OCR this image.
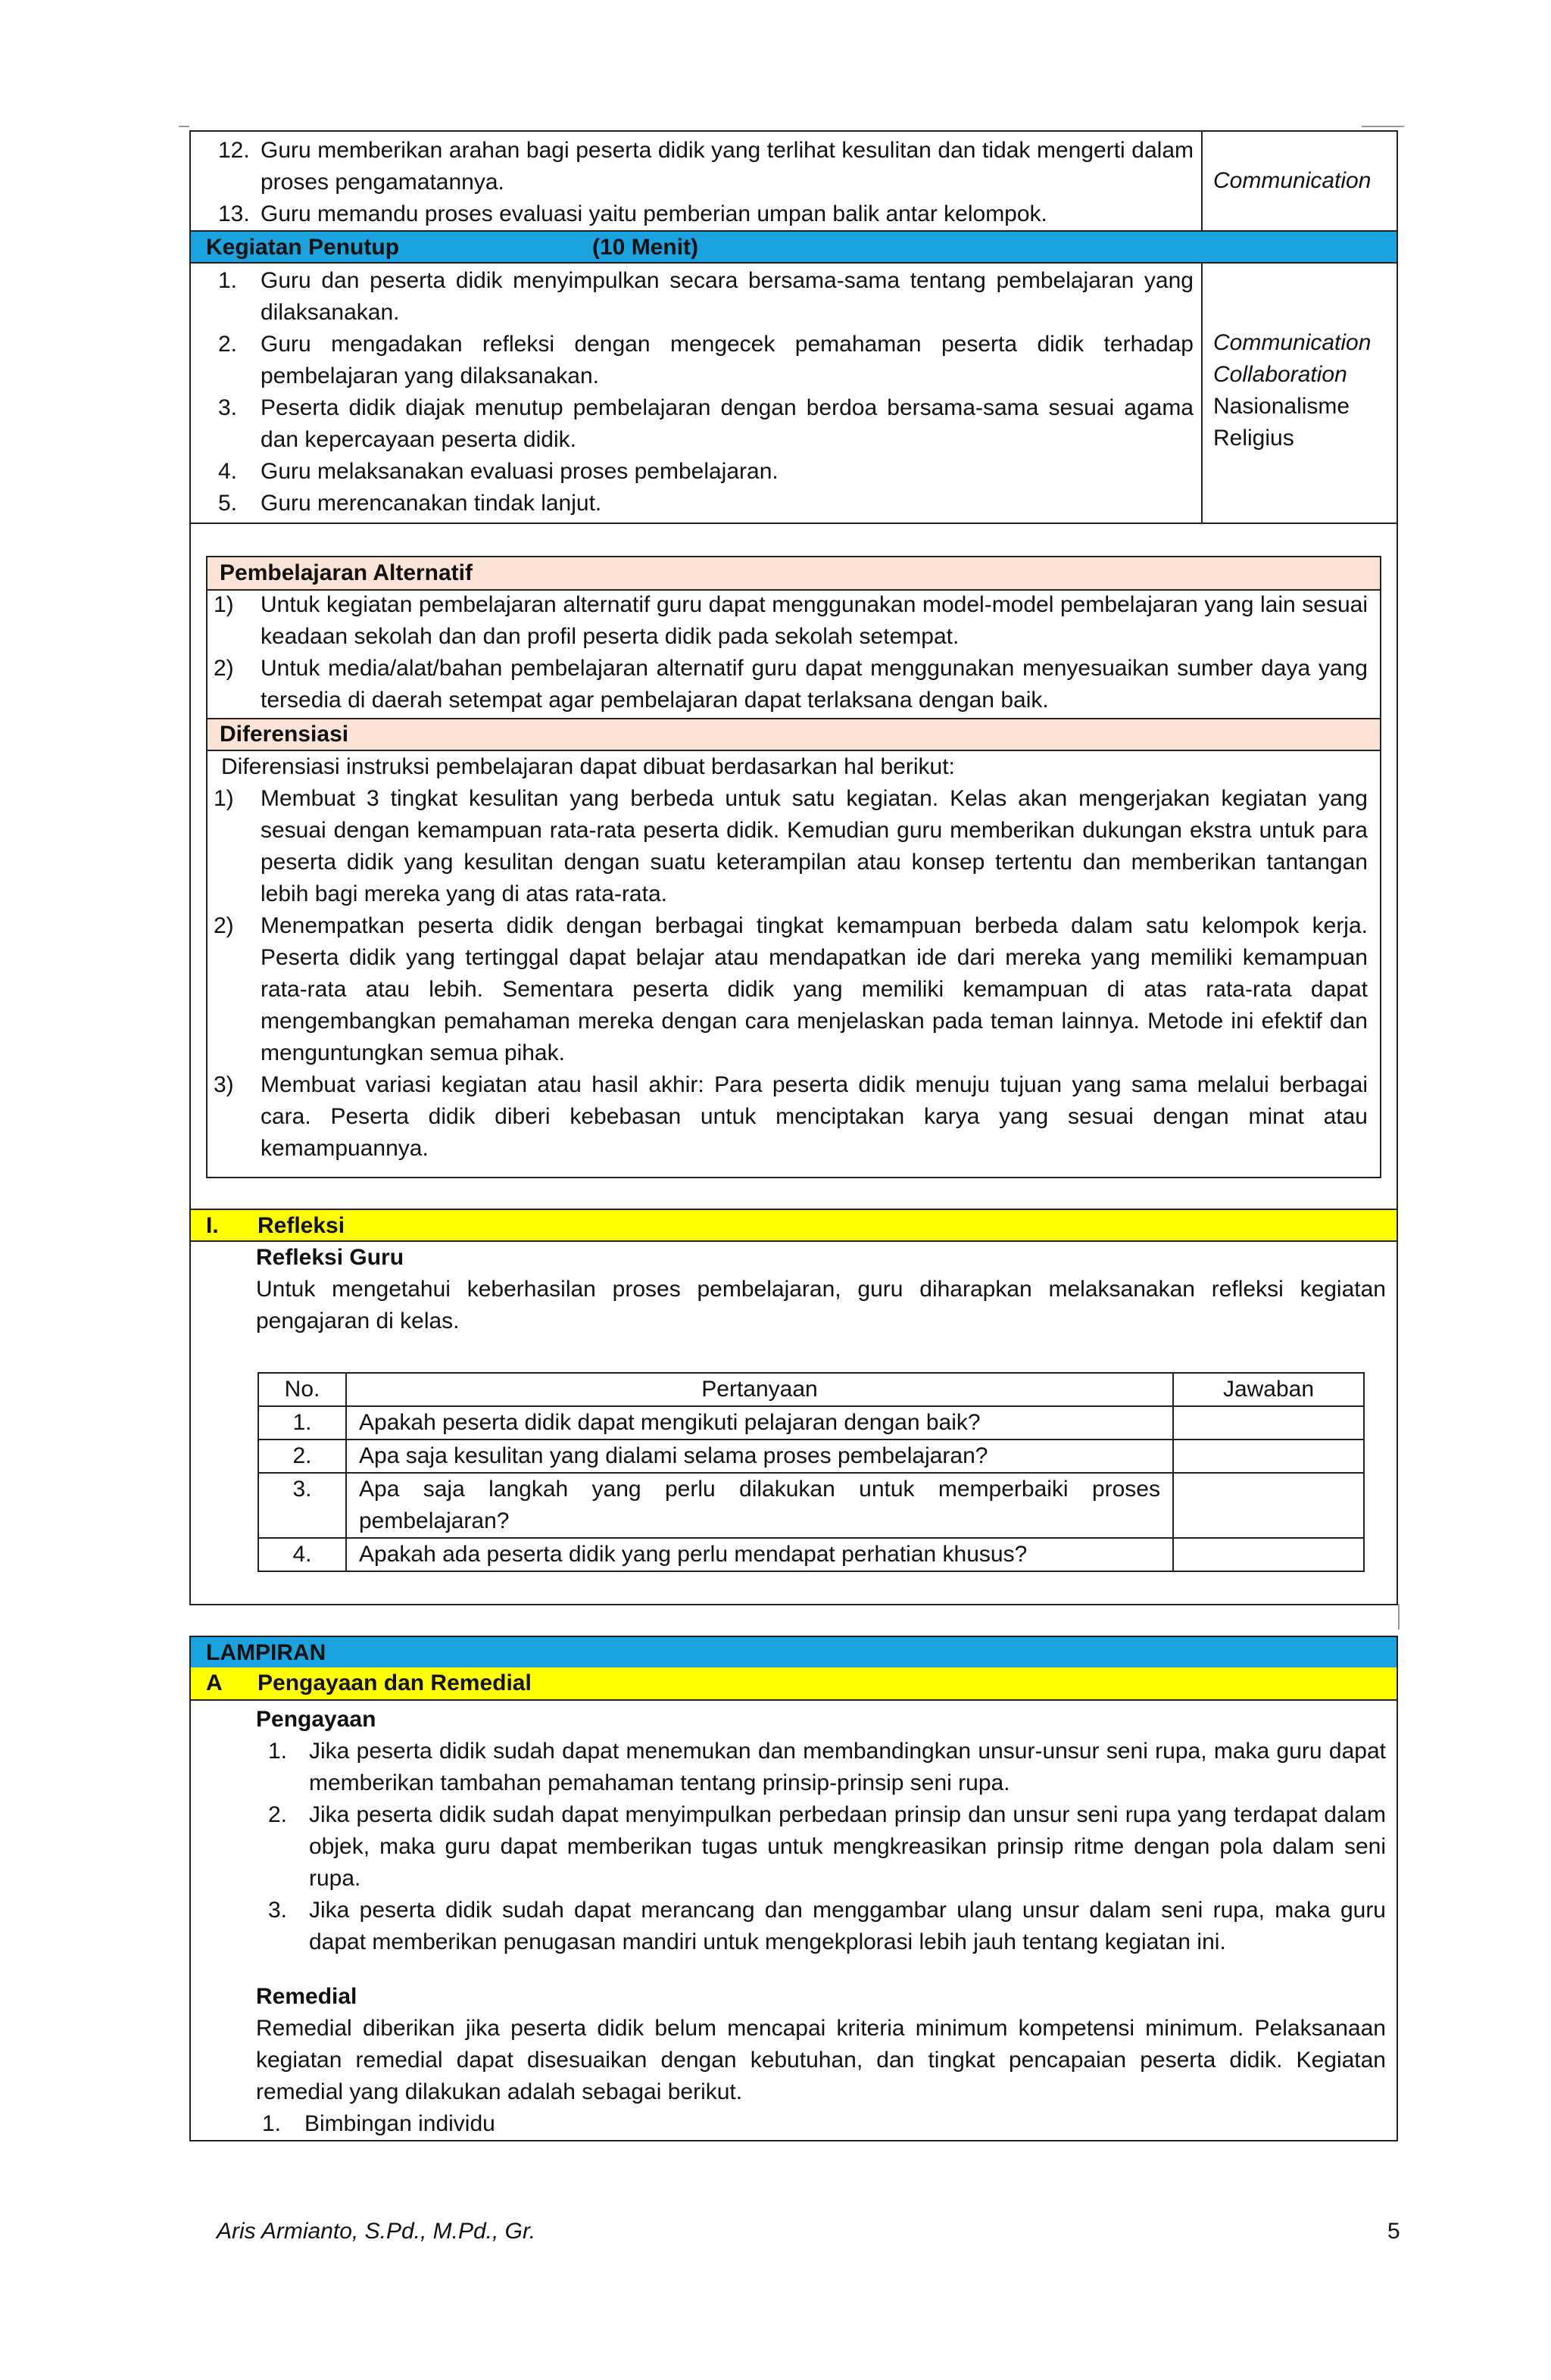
12. Guru memberikan arahan bagi peserta didik yang terlihat kesulitan dan tidak mengerti dalam proses pengamatannya.
13. Guru memandu proses evaluasi yaitu pemberian umpan balik antar kelompok.
Communication
Kegiatan Penutup	(10 Menit)
1.	Guru dan peserta didik menyimpulkan secara bersama-sama tentang pembelajaran yang dilaksanakan.
2.	Guru mengadakan refleksi dengan mengecek pemahaman peserta didik terhadap pembelajaran yang dilaksanakan.
3.	Peserta didik diajak menutup pembelajaran dengan berdoa bersama-sama sesuai agama dan kepercayaan peserta didik.
4.	Guru melaksanakan evaluasi proses pembelajaran.
5.	Guru merencanakan tindak lanjut.
Communication
Collaboration
Nasionalisme
Religius
Pembelajaran Alternatif
1)	Untuk kegiatan pembelajaran alternatif guru dapat menggunakan model-model pembelajaran yang lain sesuai keadaan sekolah dan dan profil peserta didik pada sekolah setempat.
2)	Untuk media/alat/bahan pembelajaran alternatif guru dapat menggunakan menyesuaikan sumber daya yang tersedia di daerah setempat agar pembelajaran dapat terlaksana dengan baik.
Diferensiasi
Diferensiasi instruksi pembelajaran dapat dibuat berdasarkan hal berikut:
1)	Membuat 3 tingkat kesulitan yang berbeda untuk satu kegiatan. Kelas akan mengerjakan kegiatan yang sesuai dengan kemampuan rata-rata peserta didik. Kemudian guru memberikan dukungan ekstra untuk para peserta didik yang kesulitan dengan suatu keterampilan atau konsep tertentu dan memberikan tantangan lebih bagi mereka yang di atas rata-rata.
2)	Menempatkan peserta didik dengan berbagai tingkat kemampuan berbeda dalam satu kelompok kerja. Peserta didik yang tertinggal dapat belajar atau mendapatkan ide dari mereka yang memiliki kemampuan rata-rata atau lebih. Sementara peserta didik yang memiliki kemampuan di atas rata-rata dapat mengembangkan pemahaman mereka dengan cara menjelaskan pada teman lainnya. Metode ini efektif dan menguntungkan semua pihak.
3)	Membuat variasi kegiatan atau hasil akhir: Para peserta didik menuju tujuan yang sama melalui berbagai cara. Peserta didik diberi kebebasan untuk menciptakan karya yang sesuai dengan minat atau kemampuannya.
I. Refleksi
Refleksi Guru
Untuk mengetahui keberhasilan proses pembelajaran, guru diharapkan melaksanakan refleksi kegiatan pengajaran di kelas.
No.	Pertanyaan	Jawaban
1.	Apakah peserta didik dapat mengikuti pelajaran dengan baik?	
2.	Apa saja kesulitan yang dialami selama proses pembelajaran?	
3.	Apa saja langkah yang perlu dilakukan untuk memperbaiki proses pembelajaran?	
4.	Apakah ada peserta didik yang perlu mendapat perhatian khusus?	
LAMPIRAN
A Pengayaan dan Remedial
Pengayaan
1. Jika peserta didik sudah dapat menemukan dan membandingkan unsur-unsur seni rupa, maka guru dapat memberikan tambahan pemahaman tentang prinsip-prinsip seni rupa.
2. Jika peserta didik sudah dapat menyimpulkan perbedaan prinsip dan unsur seni rupa yang terdapat dalam objek, maka guru dapat memberikan tugas untuk mengkreasikan prinsip ritme dengan pola dalam seni rupa.
3. Jika peserta didik sudah dapat merancang dan menggambar ulang unsur dalam seni rupa, maka guru dapat memberikan penugasan mandiri untuk mengekplorasi lebih jauh tentang kegiatan ini.
Remedial
Remedial diberikan jika peserta didik belum mencapai kriteria minimum kompetensi minimum. Pelaksanaan kegiatan remedial dapat disesuaikan dengan kebutuhan, dan tingkat pencapaian peserta didik. Kegiatan remedial yang dilakukan adalah sebagai berikut.
1.	Bimbingan individu
Aris Armianto, S.Pd., M.Pd., Gr.	5
